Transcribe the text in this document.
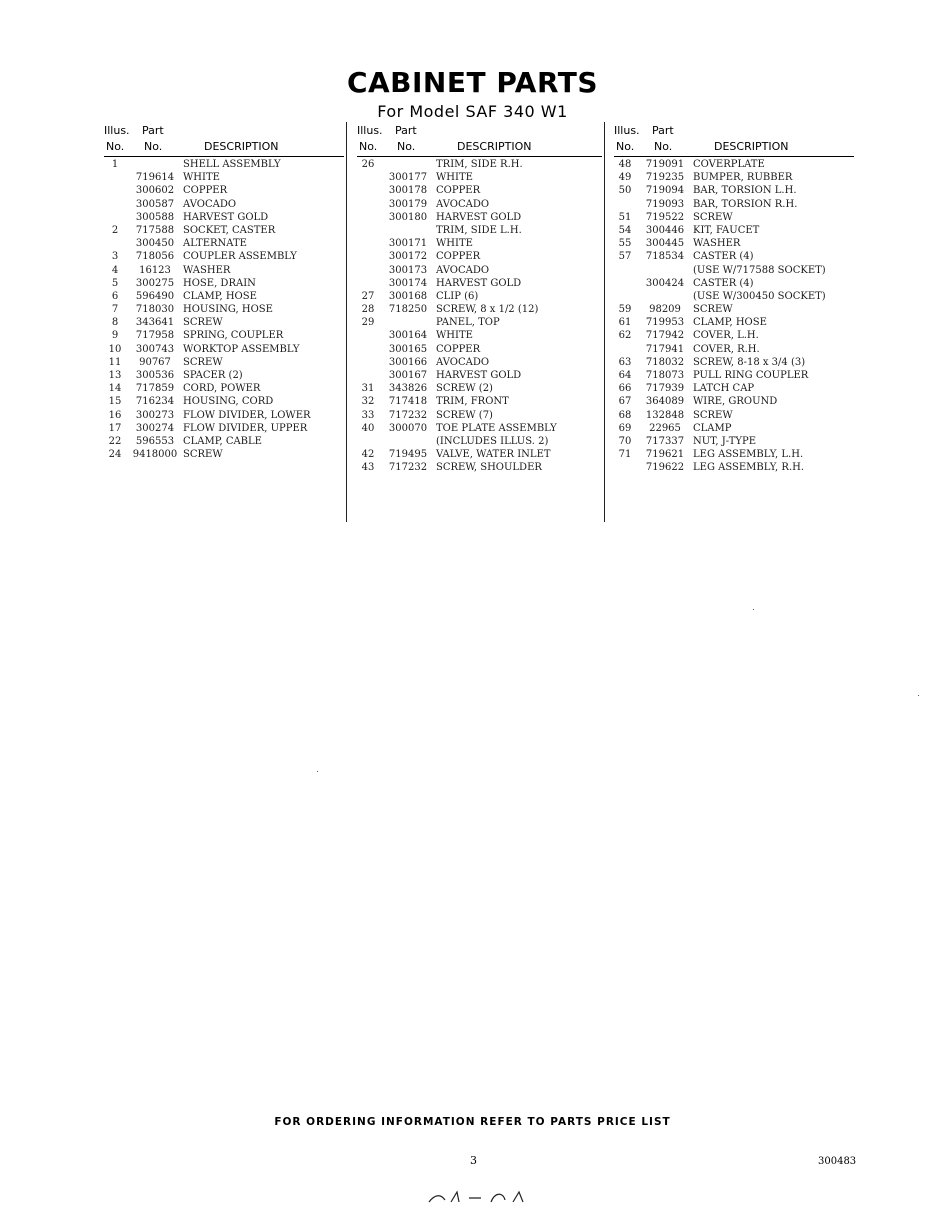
CABINET PARTS
For Model SAF 340 W1
Illus. Part
No. No.	DESCRIPTION
1	SHELL ASSEMBLY
719614 WHITE
300602 COPPER
300587 AVOCADO
300588 HARVEST GOLD
2	717588 SOCKET, CASTER
300450 ALTERNATE
3	718056 COUPLER ASSEMBLY
4	16123	WASHER
5	300275 HOSE, DRAIN
6	596490 CLAMP, HOSE
7	718030 HOUSING, HOSE
8	343641 SCREW
9	717958 SPRING, COUPLER
10	300743 WORKTOP ASSEMBLY
11	90767	SCREW
13	300536 SPACER (2)
14	717859 CORD, POWER
15	716234 HOUSING, CORD
16	300273 FLOW DIVIDER, LOWER
17	300274 FLOW DIVIDER, UPPER
22	596553 CLAMP, CABLE
24	9418000 SCREW
Illus. Part
No. No.	DESCRIPTION
26	TRIM, SIDE R.H.
300177 WHITE
300178 COPPER
300179 AVOCADO
300180 HARVEST GOLD
TRIM, SIDE L.H.
300171 WHITE
300172 COPPER
300173 AVOCADO
300174 HARVEST GOLD
27	300168 CLIP (6)
28	718250 SCREW, 8 x 1/2 (12)
29	PANEL, TOP
300164 WHITE
300165 COPPER
300166 AVOCADO
300167 HARVEST GOLD
31	343826 SCREW (2)
32	717418 TRIM, FRONT
33	717232 SCREW (7)
40	300070 TOE PLATE ASSEMBLY
(INCLUDES ILLUS. 2)
42	719495 VALVE, WATER INLET
43	717232 SCREW, SHOULDER
Illus. Part
No. No.	DESCRIPTION
48	719091 COVERPLATE
49	719235 BUMPER, RUBBER
50	719094 BAR, TORSION L.H.
719093 BAR, TORSION R.H.
51	719522 SCREW
54	300446 KIT, FAUCET
55	300445 WASHER
57	718534 CASTER (4)
(USE W/717588 SOCKET)
300424 CASTER (4)
(USE W/300450 SOCKET)
59	98209	SCREW
61	719953 CLAMP, HOSE
62	717942 COVER, L.H.
717941 COVER, R.H.
63	718032 SCREW, 8-18 x 3/4 (3)
64	718073 PULL RING COUPLER
66	717939 LATCH CAP
67	364089 WIRE, GROUND
68	132848 SCREW
69	22965	CLAMP
70	717337 NUT, J-TYPE
71	719621 LEG ASSEMBLY, L.H.
719622 LEG ASSEMBLY, R.H.
FOR ORDERING INFORMATION REFER TO PARTS PRICE LIST
3	300483
